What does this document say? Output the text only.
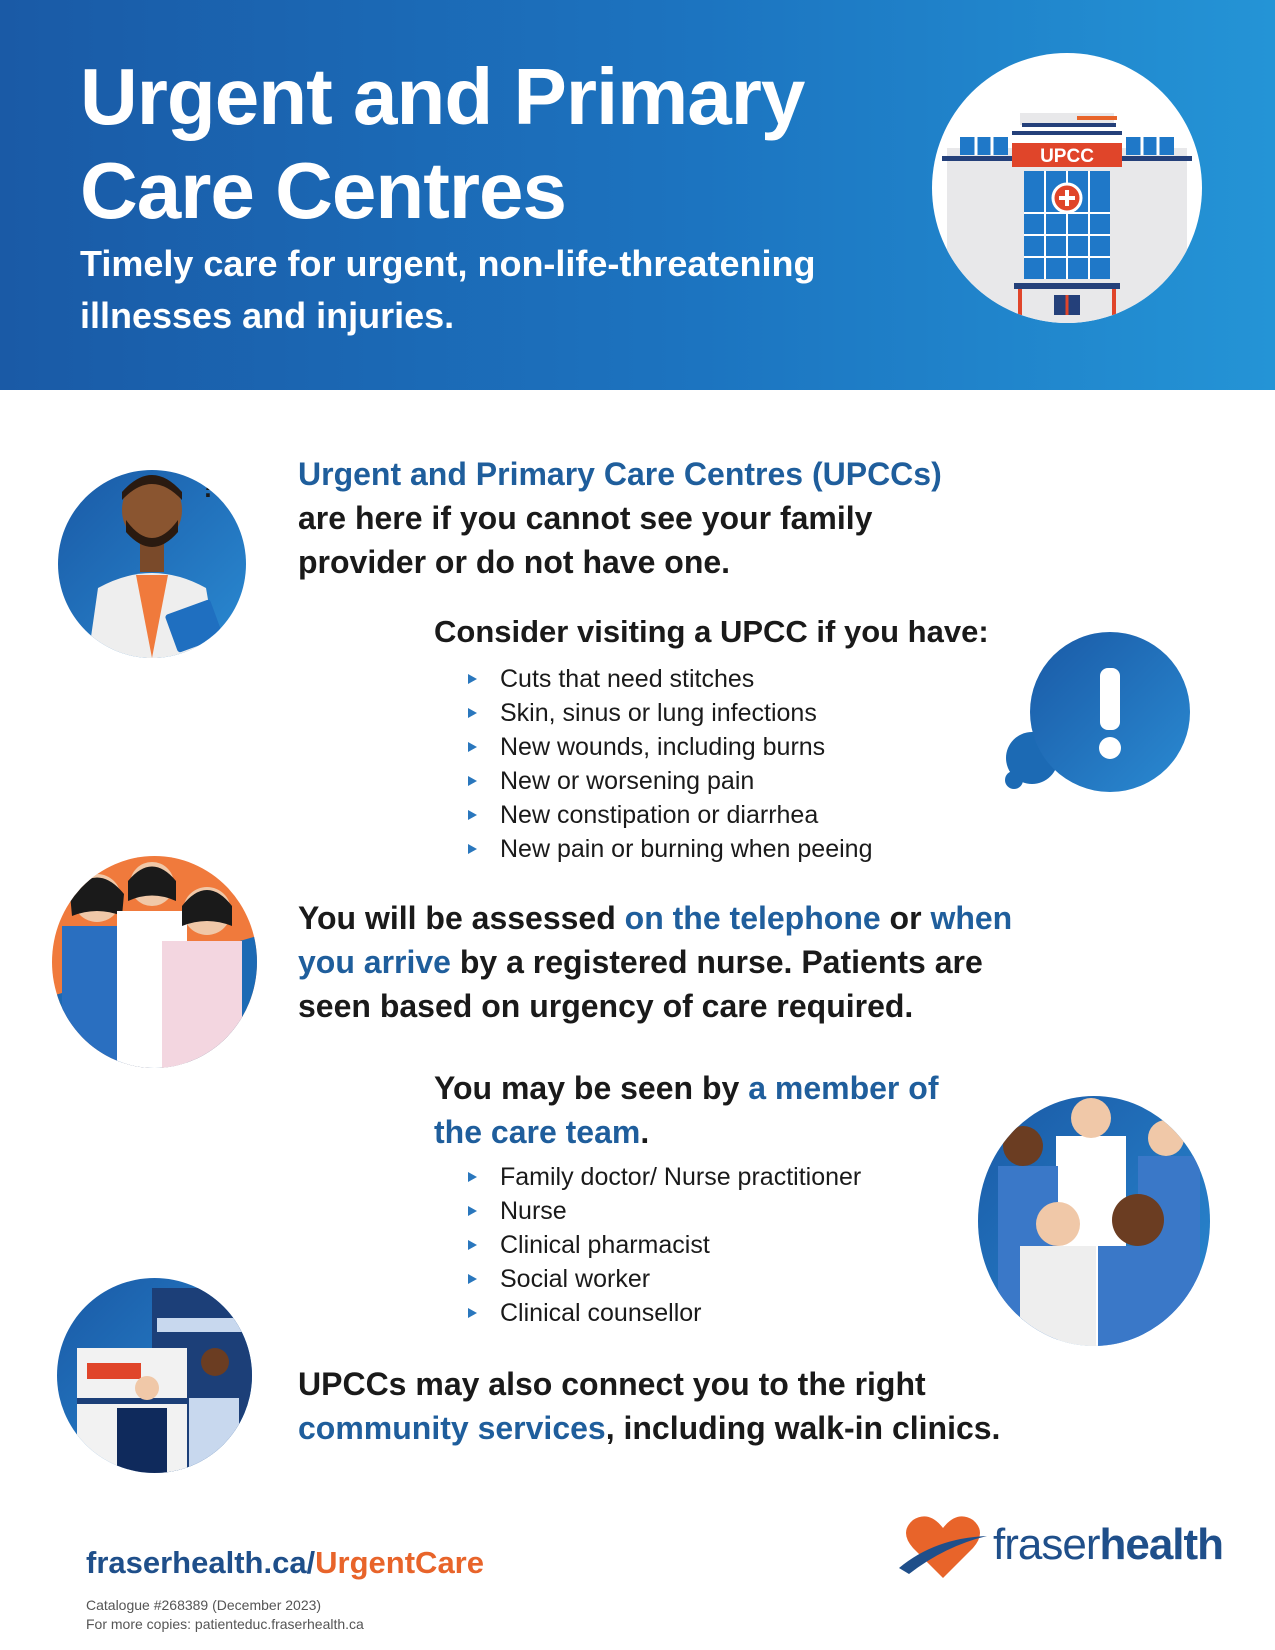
Urgent and Primary
Care Centres
Timely care for urgent, non-life-threatening illnesses and injuries.
UPCC
? Urgent and Primary Care Centres (UPCCs)
are here if you cannot see your family provider or do not have one.
Consider visiting a UPCC if you have:
Cuts that need stitches
Skin, sinus or lung infections
New wounds, including burns
New or worsening pain
New constipation or diarrhea
New pain or burning when peeing
You will be assessed on the telephone or when you arrive by a registered nurse. Patients are seen based on urgency of care required.
You may be seen by a member of the care team.
Family doctor/ Nurse practitioner
Nurse
Clinical pharmacist
Social worker
Clinical counsellor
UPCCs may also connect you to the right community services, including walk-in clinics.
fraserhealth.ca/UrgentCare
Catalogue #268389 (December 2023)
For more copies: patienteduc.fraserhealth.ca
fraserhealth
